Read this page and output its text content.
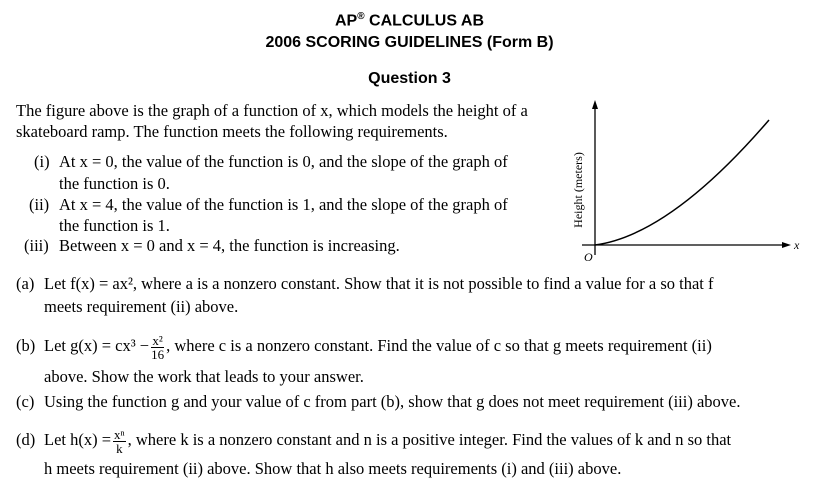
AP® CALCULUS AB
2006 SCORING GUIDELINES (Form B)
Question 3
The figure above is the graph of a function of x, which models the height of a
skateboard ramp. The function meets the following requirements.
(i) At x = 0, the value of the function is 0, and the slope of the graph of
the function is 0.
(ii) At x = 4, the value of the function is 1, and the slope of the graph of
the function is 1.
(iii) Between x = 0 and x = 4, the function is increasing.
Height (meters)
O
x
(a) Let f(x) = ax², where a is a nonzero constant. Show that it is not possible to find a value for a so that f
meets requirement (ii) above.
(b) Let $g(x) = cx^3 - \frac{\text{x²}}{16}$ , where c is a nonzero constant. Find the value of c so that g meets requirement (ii)
above. Show the work that leads to your answer.
(c) Using the function g and your value of c from part (b), show that g does not meet requirement (iii) above.
(d) Let $h(x) = \frac{\text{xⁿ}}{k}$ , where k is a nonzero constant and n is a positive integer. Find the values of k and n so that
h meets requirement (ii) above. Show that h also meets requirements (i) and (iii) above.
